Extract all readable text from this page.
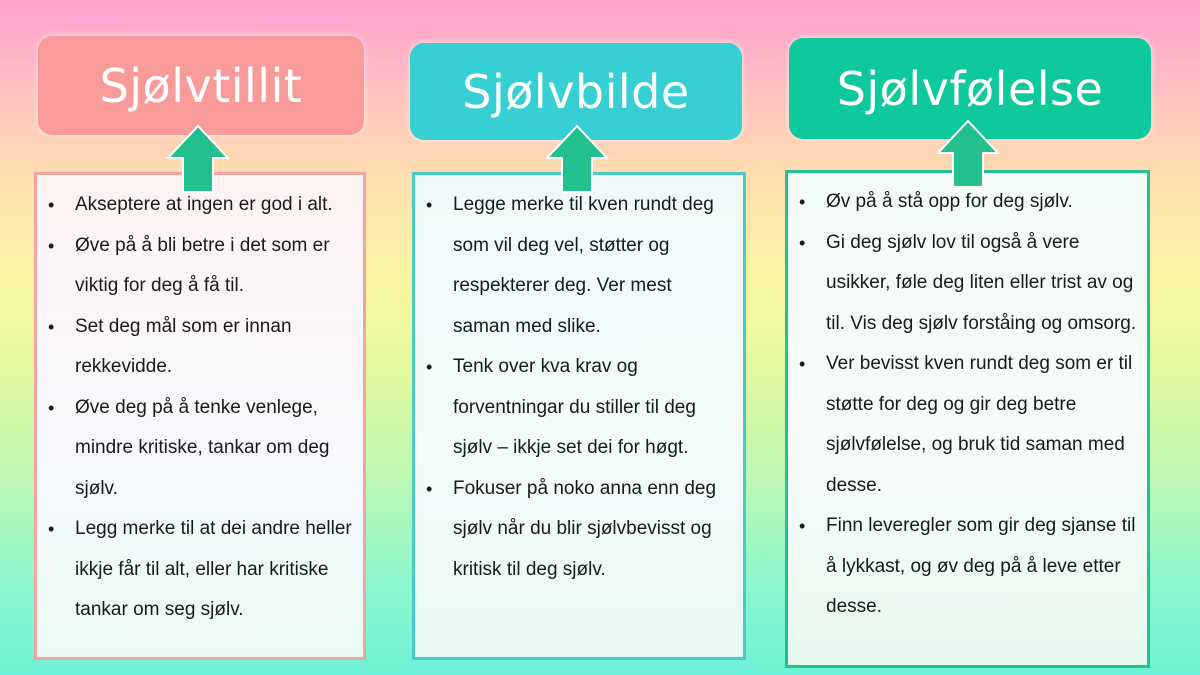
Sjølvtillit	Sjølvbilde	Sjølvfølelse
• Akseptere at ingen er god i alt.
• Øve på å bli betre i det som er viktig for deg å få til.
• Set deg mål som er innan rekkevidde.
• Øve deg på å tenke venlege, mindre kritiske, tankar om deg sjølv.
• Legg merke til at dei andre heller ikkje får til alt, eller har kritiske tankar om seg sjølv.
• Legge merke til kven rundt deg som vil deg vel, støtter og respekterer deg. Ver mest saman med slike.
• Tenk over kva krav og forventningar du stiller til deg sjølv – ikkje set dei for høgt.
• Fokuser på noko anna enn deg sjølv når du blir sjølvbevisst og kritisk til deg sjølv.
• Øv på å stå opp for deg sjølv.
• Gi deg sjølv lov til også å vere usikker, føle deg liten eller trist av og til. Vis deg sjølv forståing og omsorg.
• Ver bevisst kven rundt deg som er til støtte for deg og gir deg betre sjølvfølelse, og bruk tid saman med desse.
• Finn leveregler som gir deg sjanse til å lykkast, og øv deg på å leve etter desse.
